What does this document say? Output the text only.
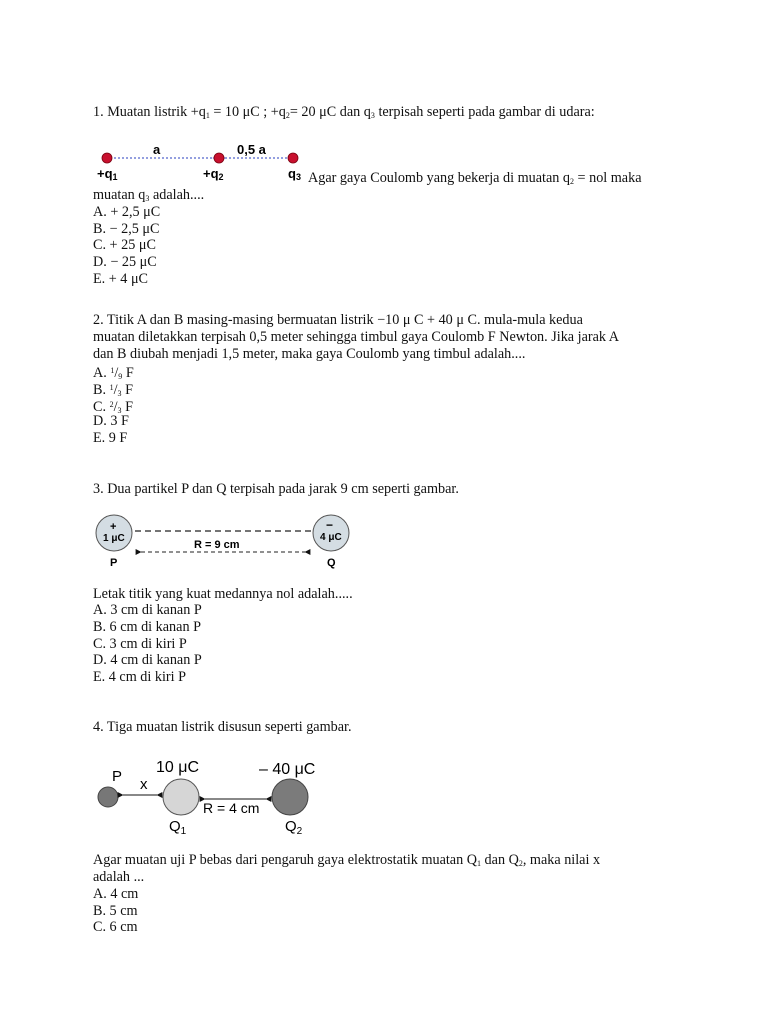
1. Muatan listrik $+q_1 = 10$ μC ; $+q_2= 20$ μC dan $q_3$ terpisah seperti pada gambar di udara:
a	0,5 a
+q1	+q2	q3 Agar gaya Coulomb yang bekerja di muatan $q_2$ = nol maka
muatan $q_3$ adalah....
A. + 2,5 μC
B. − 2,5 μC
C. + 25 μC
D. − 25 μC
E. + 4 μC
2. Titik A dan B masing-masing bermuatan listrik −10 μ C + 40 μ C. mula-mula kedua
muatan diletakkan terpisah 0,5 meter sehingga timbul gaya Coulomb F Newton. Jika jarak A
dan B diubah menjadi 1,5 meter, maka gaya Coulomb yang timbul adalah....
A. $^1/_9$ F
B. $^1/_3$ F
C. $^2/_3$ F
D. 3 F
E. 9 F
3. Dua partikel P dan Q terpisah pada jarak 9 cm seperti gambar.
+
1 μC
−
4 μC
R = 9 cm
P	Q
Letak titik yang kuat medannya nol adalah.....
A. 3 cm di kanan P
B. 6 cm di kanan P
C. 3 cm di kiri P
D. 4 cm di kanan P
E. 4 cm di kiri P
4. Tiga muatan listrik disusun seperti gambar.
P x
10 μC	– 40 μC
R = 4 cm
$Q_1$	$Q_2$
Agar muatan uji P bebas dari pengaruh gaya elektrostatik muatan $Q_1$ dan $Q_2$, maka nilai x
adalah ...
A. 4 cm
B. 5 cm
C. 6 cm
